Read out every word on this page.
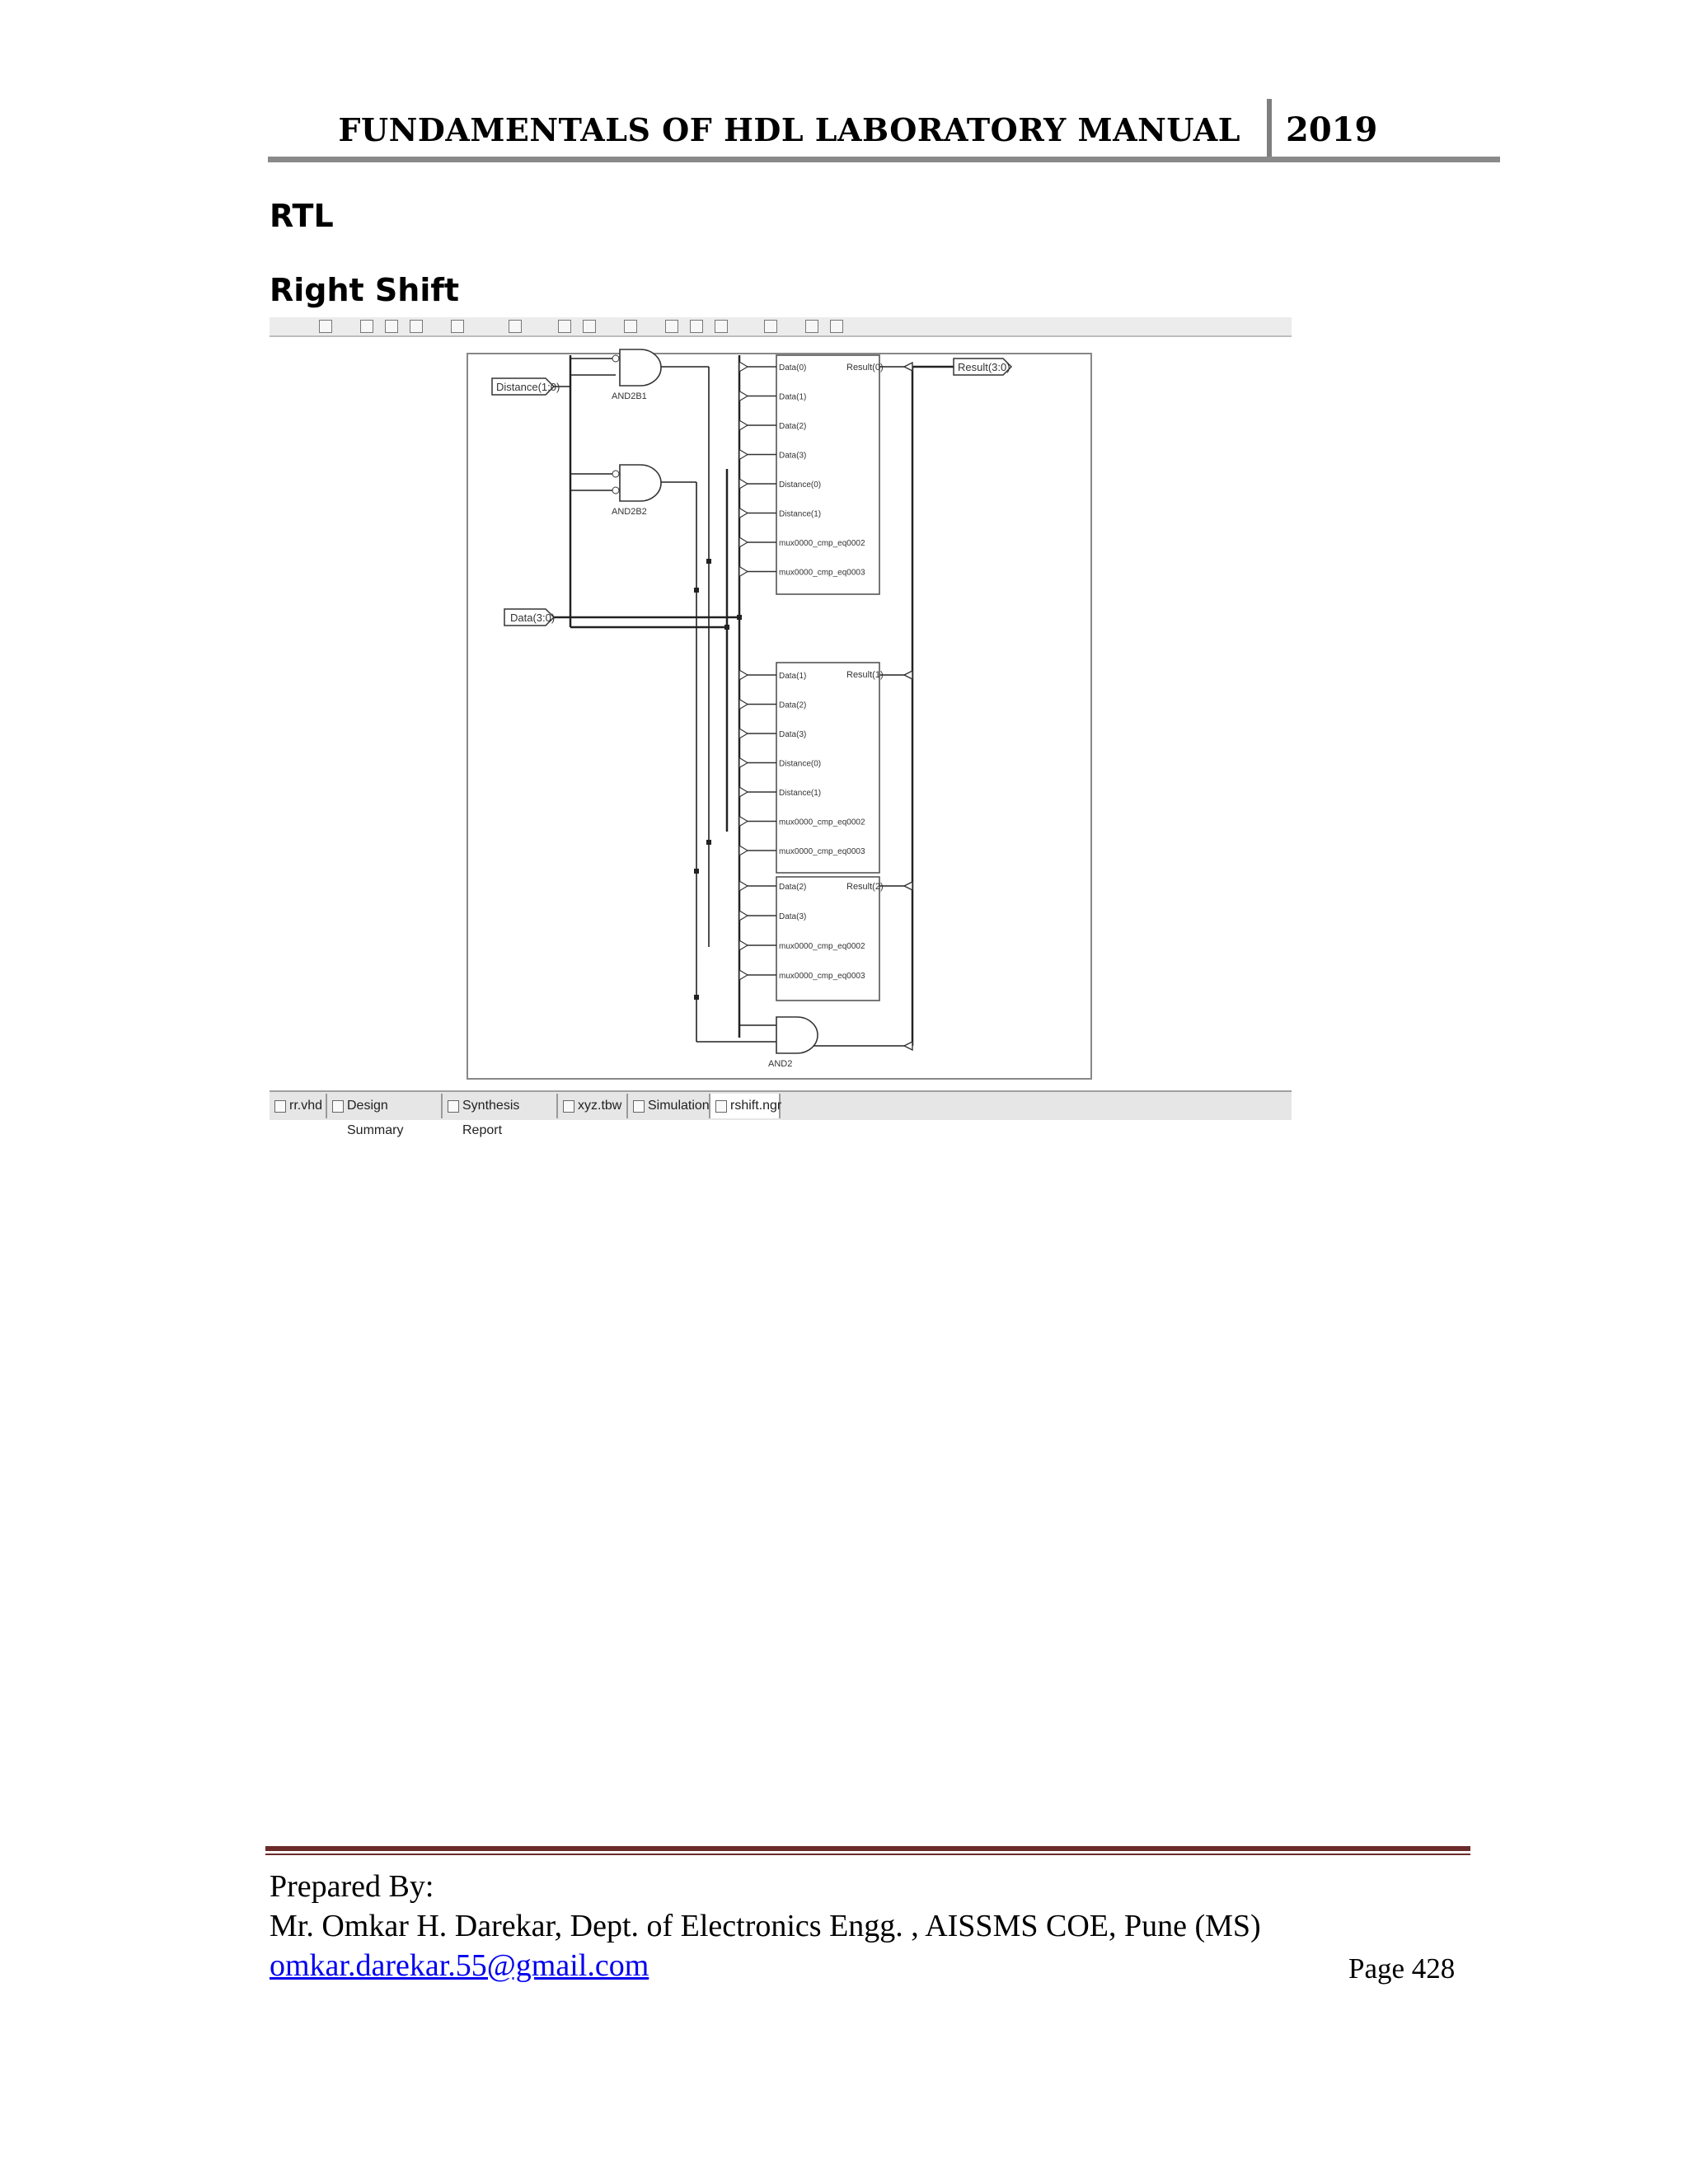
FUNDAMENTALS OF HDL LABORATORY MANUAL 2019
RTL
Right Shift
Distance(1:0)
Data(3:0)
Result(3:0)
AND2B1
AND2B2
AND2
Result(0)
Data(0)
Data(1)
Data(2)
Data(3)
Distance(0)
Distance(1)
mux0000_cmp_eq0002
mux0000_cmp_eq0003
Result(1)
Data(1)
Data(2)
Data(3)
Distance(0)
Distance(1)
mux0000_cmp_eq0002
mux0000_cmp_eq0003
Result(2)
Data(2)
Data(3)
mux0000_cmp_eq0002
mux0000_cmp_eq0003
rr.vhd	Design Summary
Synthesis Report
xyz.tbw	Simulation	rshift.ngr
Prepared By:
Mr. Omkar H. Darekar, Dept. of Electronics Engg. , AISSMS COE, Pune (MS)
omkar.darekar.55@gmail.com	Page 428
